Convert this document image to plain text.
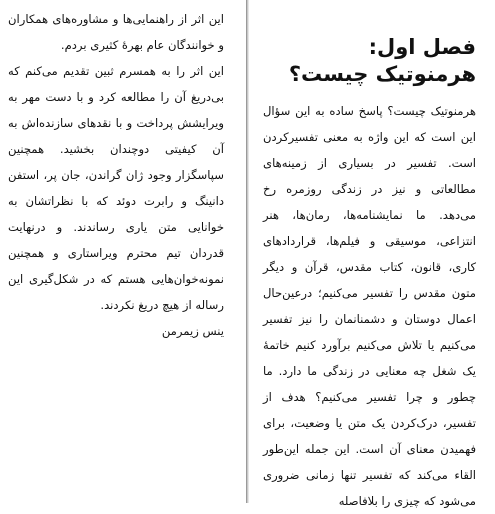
این اثر از راهنمایی‌ها و مشاوره‌های همکاران و خوانندگان عام بهرهٔ کثیری بردم.

این اثر را به همسرم ثبین تقدیم می‌کنم که بی‌دریغ آن را مطالعه کرد و با دست مهر به ویرایشش پرداخت و با نقدهای سازنده‌اش به آن کیفیتی دوچندان بخشید. همچنین سپاسگزار وجود ژان گراندن، جان پر، استفن دانینگ و رابرت دوئد که با نظراتشان به خوانایی متن یاری رساندند. و درنهایت قدردان تیم محترم ویراستاری و همچنین نمونه‌خوان‌هایی هستم که در شکل‌گیری این رساله از هیچ دریغ نکردند.

ینس زیمرمن

فصل اول: هرمنوتیک چیست؟

هرمنوتیک چیست؟ پاسخ ساده به این سؤال این است که این واژه به معنی تفسیرکردن است. تفسیر در بسیاری از زمینه‌های مطالعاتی و نیز در زندگی روزمره رخ می‌دهد. ما نمایشنامه‌ها، رمان‌ها، هنر انتزاعی، موسیقی و فیلم‌ها، قراردادهای کاری، قانون، کتاب مقدس، قرآن و دیگر متون مقدس را تفسیر می‌کنیم؛ درعین‌حال اعمال دوستان و دشمنانمان را نیز تفسیر می‌کنیم یا تلاش می‌کنیم برآورد کنیم خاتمهٔ یک شغل چه معنایی در زندگی ما دارد. ما چطور و چرا تفسیر می‌کنیم؟ هدف از تفسیر، درک‌کردن یک متن یا وضعیت، برای فهمیدن معنای آن است. این جمله این‌طور القاء می‌کند که تفسیر تنها زمانی ضروری می‌شود که چیزی را بلافاصله
